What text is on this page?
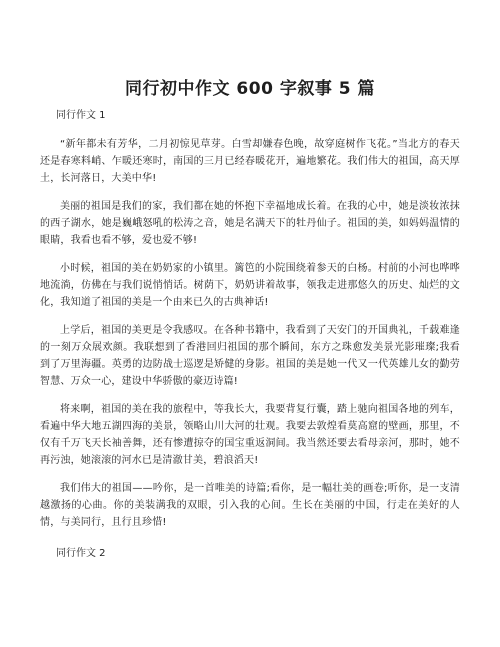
同行初中作文 600 字叙事 5 篇

同行作文 1

“新年都未有芳华，二月初惊见草芽。白雪却嫌春色晚，故穿庭树作飞花。”当北方的春天还是春寒料峭、乍暖还寒时，南国的三月已经春暖花开，遍地繁花。我们伟大的祖国，高天厚土，长河落日，大美中华!

美丽的祖国是我们的家，我们都在她的怀抱下幸福地成长着。在我的心中，她是淡妆浓抹的西子湖水，她是巍峨怒吼的松涛之音，她是名满天下的牡丹仙子。祖国的美，如妈妈温情的眼睛，我看也看不够，爱也爱不够!

小时候，祖国的美在奶奶家的小镇里。篱笆的小院围绕着参天的白杨。村前的小河也哗哗地流淌，仿佛在与我们说悄悄话。树荫下，奶奶讲着故事，领我走进那悠久的历史、灿烂的文化，我知道了祖国的美是一个由来已久的古典神话!

上学后，祖国的美更是令我感叹。在各种书籍中，我看到了天安门的开国典礼，千载难逢的一刻万众展欢颜。我联想到了香港回归祖国的那个瞬间，东方之珠愈发美景光影璀璨;我看到了万里海疆。英勇的边防战士巡逻是矫健的身影。祖国的美是她一代又一代英雄儿女的勤劳智慧、万众一心，建设中华骄傲的豪迈诗篇!

将来啊，祖国的美在我的旅程中，等我长大，我要背复行囊，踏上驰向祖国各地的列车，看遍中华大地五湖四海的美景，领略山川大河的壮观。我要去敦煌看莫高窟的壁画，那里，不仅有千万飞天长袖善舞，还有惨遭掠夺的国宝重返洞间。我当然还要去看母亲河，那时，她不再污浊，她滚滚的河水已是清澈甘美，碧浪滔天!

我们伟大的祖国——吟你，是一首唯美的诗篇;看你，是一幅壮美的画卷;听你，是一支清越激扬的心曲。你的美装满我的双眼，引入我的心间。生长在美丽的中国，行走在美好的人情，与美同行，且行且珍惜!

同行作文 2
